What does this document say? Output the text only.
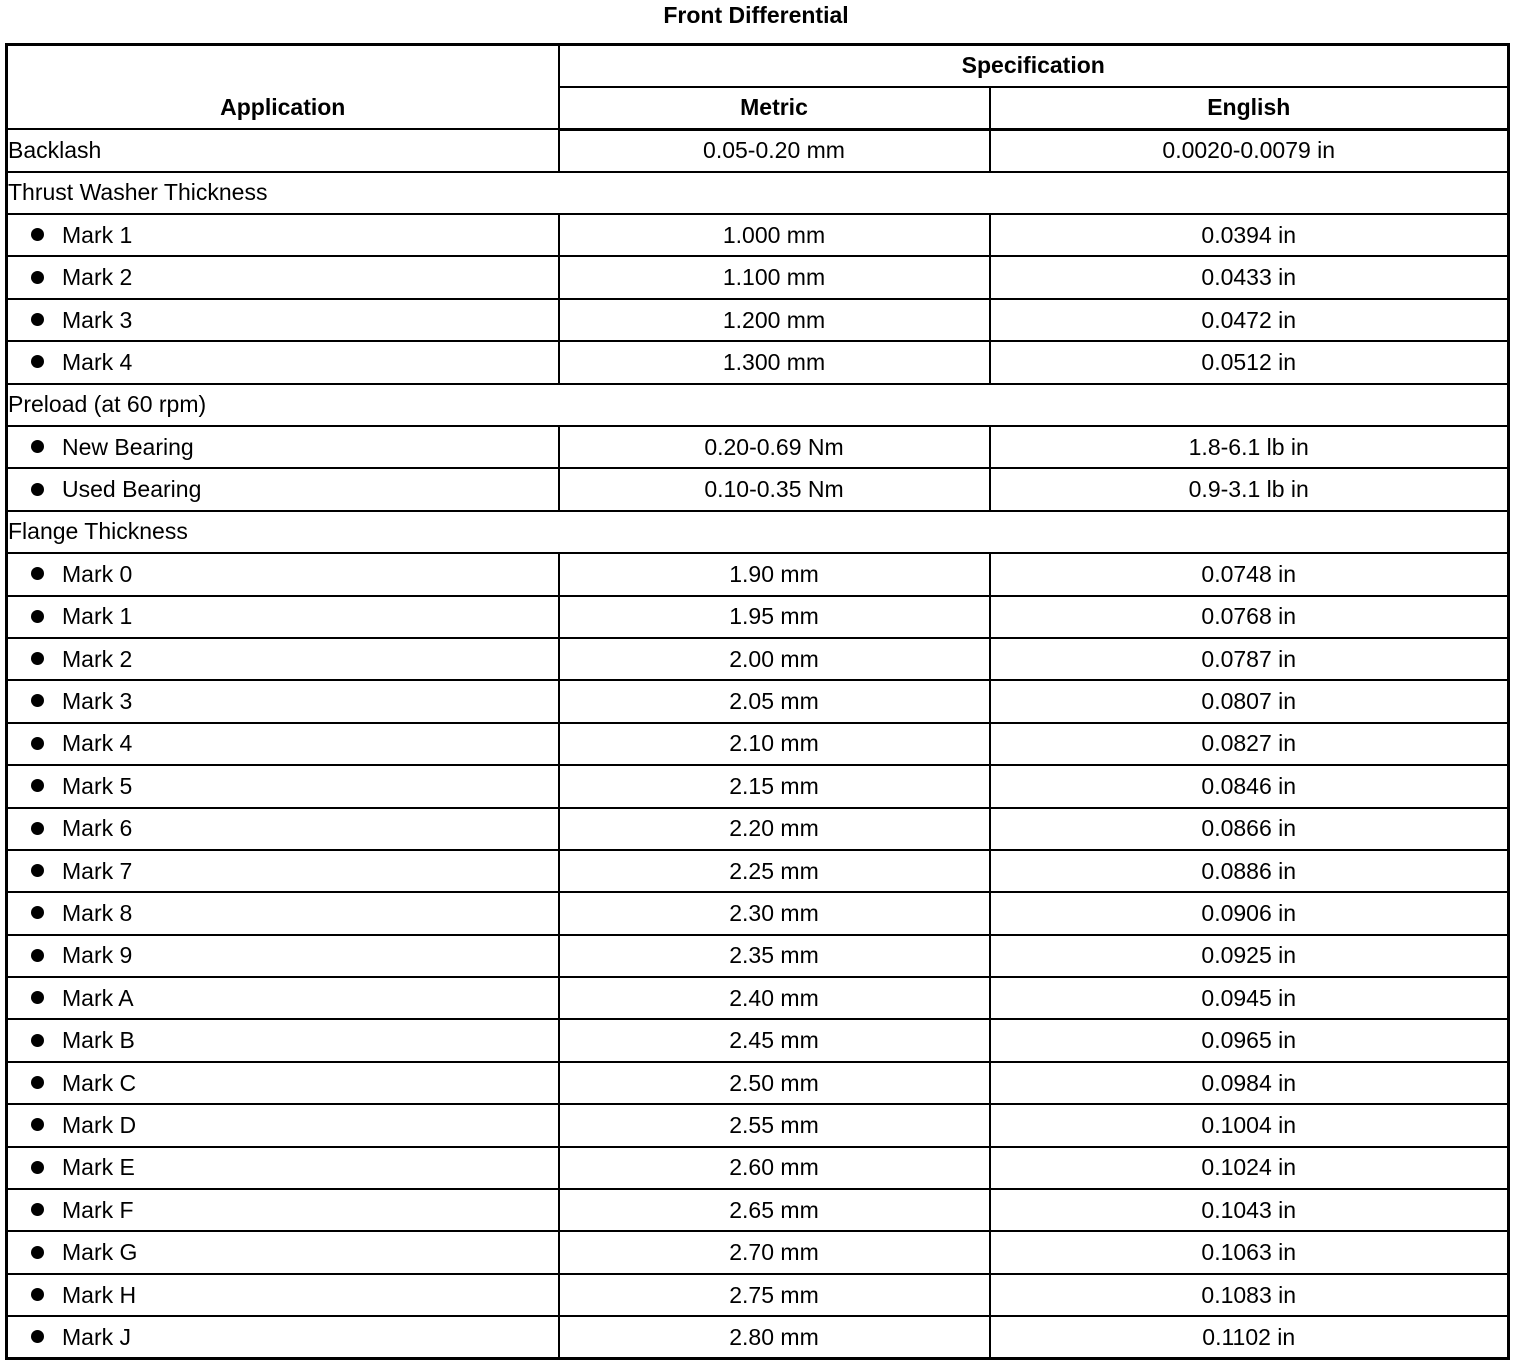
Front Differential
Application	Specification	
	Metric	English
Backlash	0.05-0.20 mm	0.0020-0.0079 in
Thrust Washer Thickness		
Mark 1	1.000 mm	0.0394 in
Mark 2	1.100 mm	0.0433 in
Mark 3	1.200 mm	0.0472 in
Mark 4	1.300 mm	0.0512 in
Preload (at 60 rpm)		
New Bearing	0.20-0.69 Nm	1.8-6.1 lb in
Used Bearing	0.10-0.35 Nm	0.9-3.1 lb in
Flange Thickness		
Mark 0	1.90 mm	0.0748 in
Mark 1	1.95 mm	0.0768 in
Mark 2	2.00 mm	0.0787 in
Mark 3	2.05 mm	0.0807 in
Mark 4	2.10 mm	0.0827 in
Mark 5	2.15 mm	0.0846 in
Mark 6	2.20 mm	0.0866 in
Mark 7	2.25 mm	0.0886 in
Mark 8	2.30 mm	0.0906 in
Mark 9	2.35 mm	0.0925 in
Mark A	2.40 mm	0.0945 in
Mark B	2.45 mm	0.0965 in
Mark C	2.50 mm	0.0984 in
Mark D	2.55 mm	0.1004 in
Mark E	2.60 mm	0.1024 in
Mark F	2.65 mm	0.1043 in
Mark G	2.70 mm	0.1063 in
Mark H	2.75 mm	0.1083 in
Mark J	2.80 mm	0.1102 in
